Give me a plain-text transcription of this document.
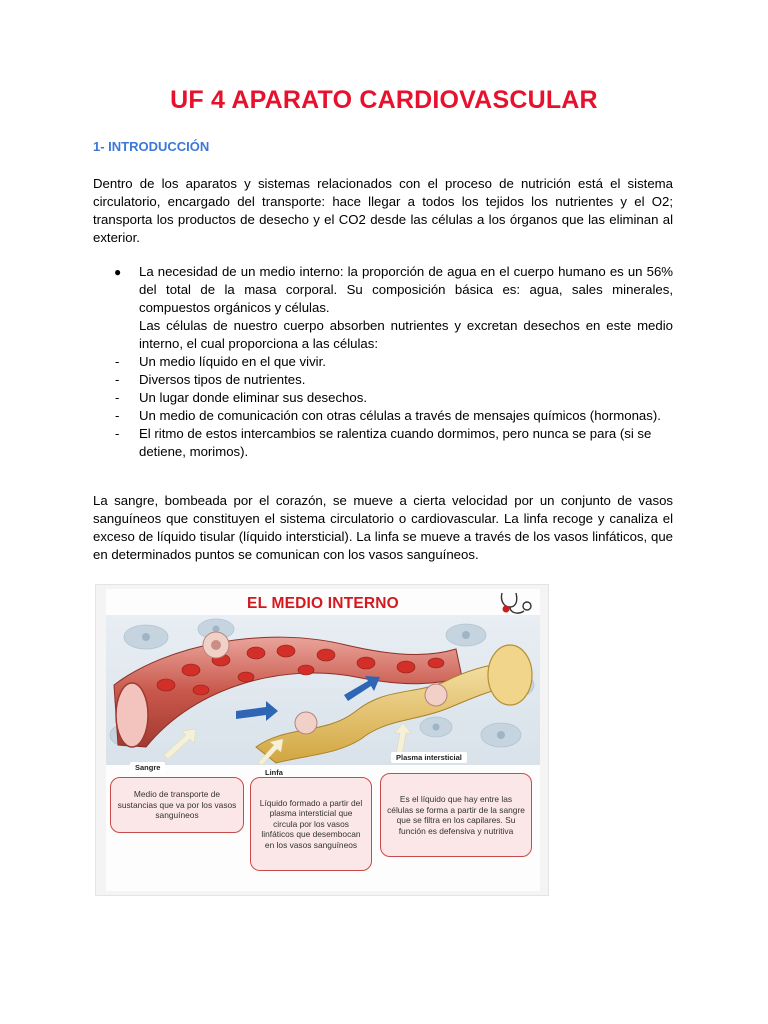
UF 4 APARATO CARDIOVASCULAR
1- INTRODUCCIÓN

Dentro de los aparatos y sistemas relacionados con el proceso de nutrición está el sistema circulatorio, encargado del transporte: hace llegar a todos los tejidos los nutrientes y el O2; transporta los productos de desecho y el CO2 desde las células a los órganos que las eliminan al exterior.

● La necesidad de un medio interno: la proporción de agua en el cuerpo humano es un 56% del total de la masa corporal. Su composición básica es: agua, sales minerales, compuestos orgánicos y células.

Las células de nuestro cuerpo absorben nutrientes y excretan desechos en este medio interno, el cual proporciona a las células:

- Un medio líquido en el que vivir.
- Diversos tipos de nutrientes.
- Un lugar donde eliminar sus desechos.
- Un medio de comunicación con otras células a través de mensajes químicos (hormonas).
- El ritmo de estos intercambios se ralentiza cuando dormimos, pero nunca se para (si se detiene, morimos).

La sangre, bombeada por el corazón, se mueve a cierta velocidad por un conjunto de vasos sanguíneos que constituyen el sistema circulatorio o cardiovascular. La linfa recoge y canaliza el exceso de líquido tisular (líquido intersticial). La linfa se mueve a través de los vasos linfáticos, que en determinados puntos se comunican con los vasos sanguíneos.

EL MEDIO INTERNO
Sangre
Linfa
Plasma intersticial
Medio de transporte de sustancias que va por los vasos sanguíneos
Líquido formado a partir del plasma intersticial que circula por los vasos linfáticos que desembocan en los vasos sanguíneos
Es el líquido que hay entre las células se forma a partir de la sangre que se filtra en los capilares. Su función es defensiva y nutritiva
